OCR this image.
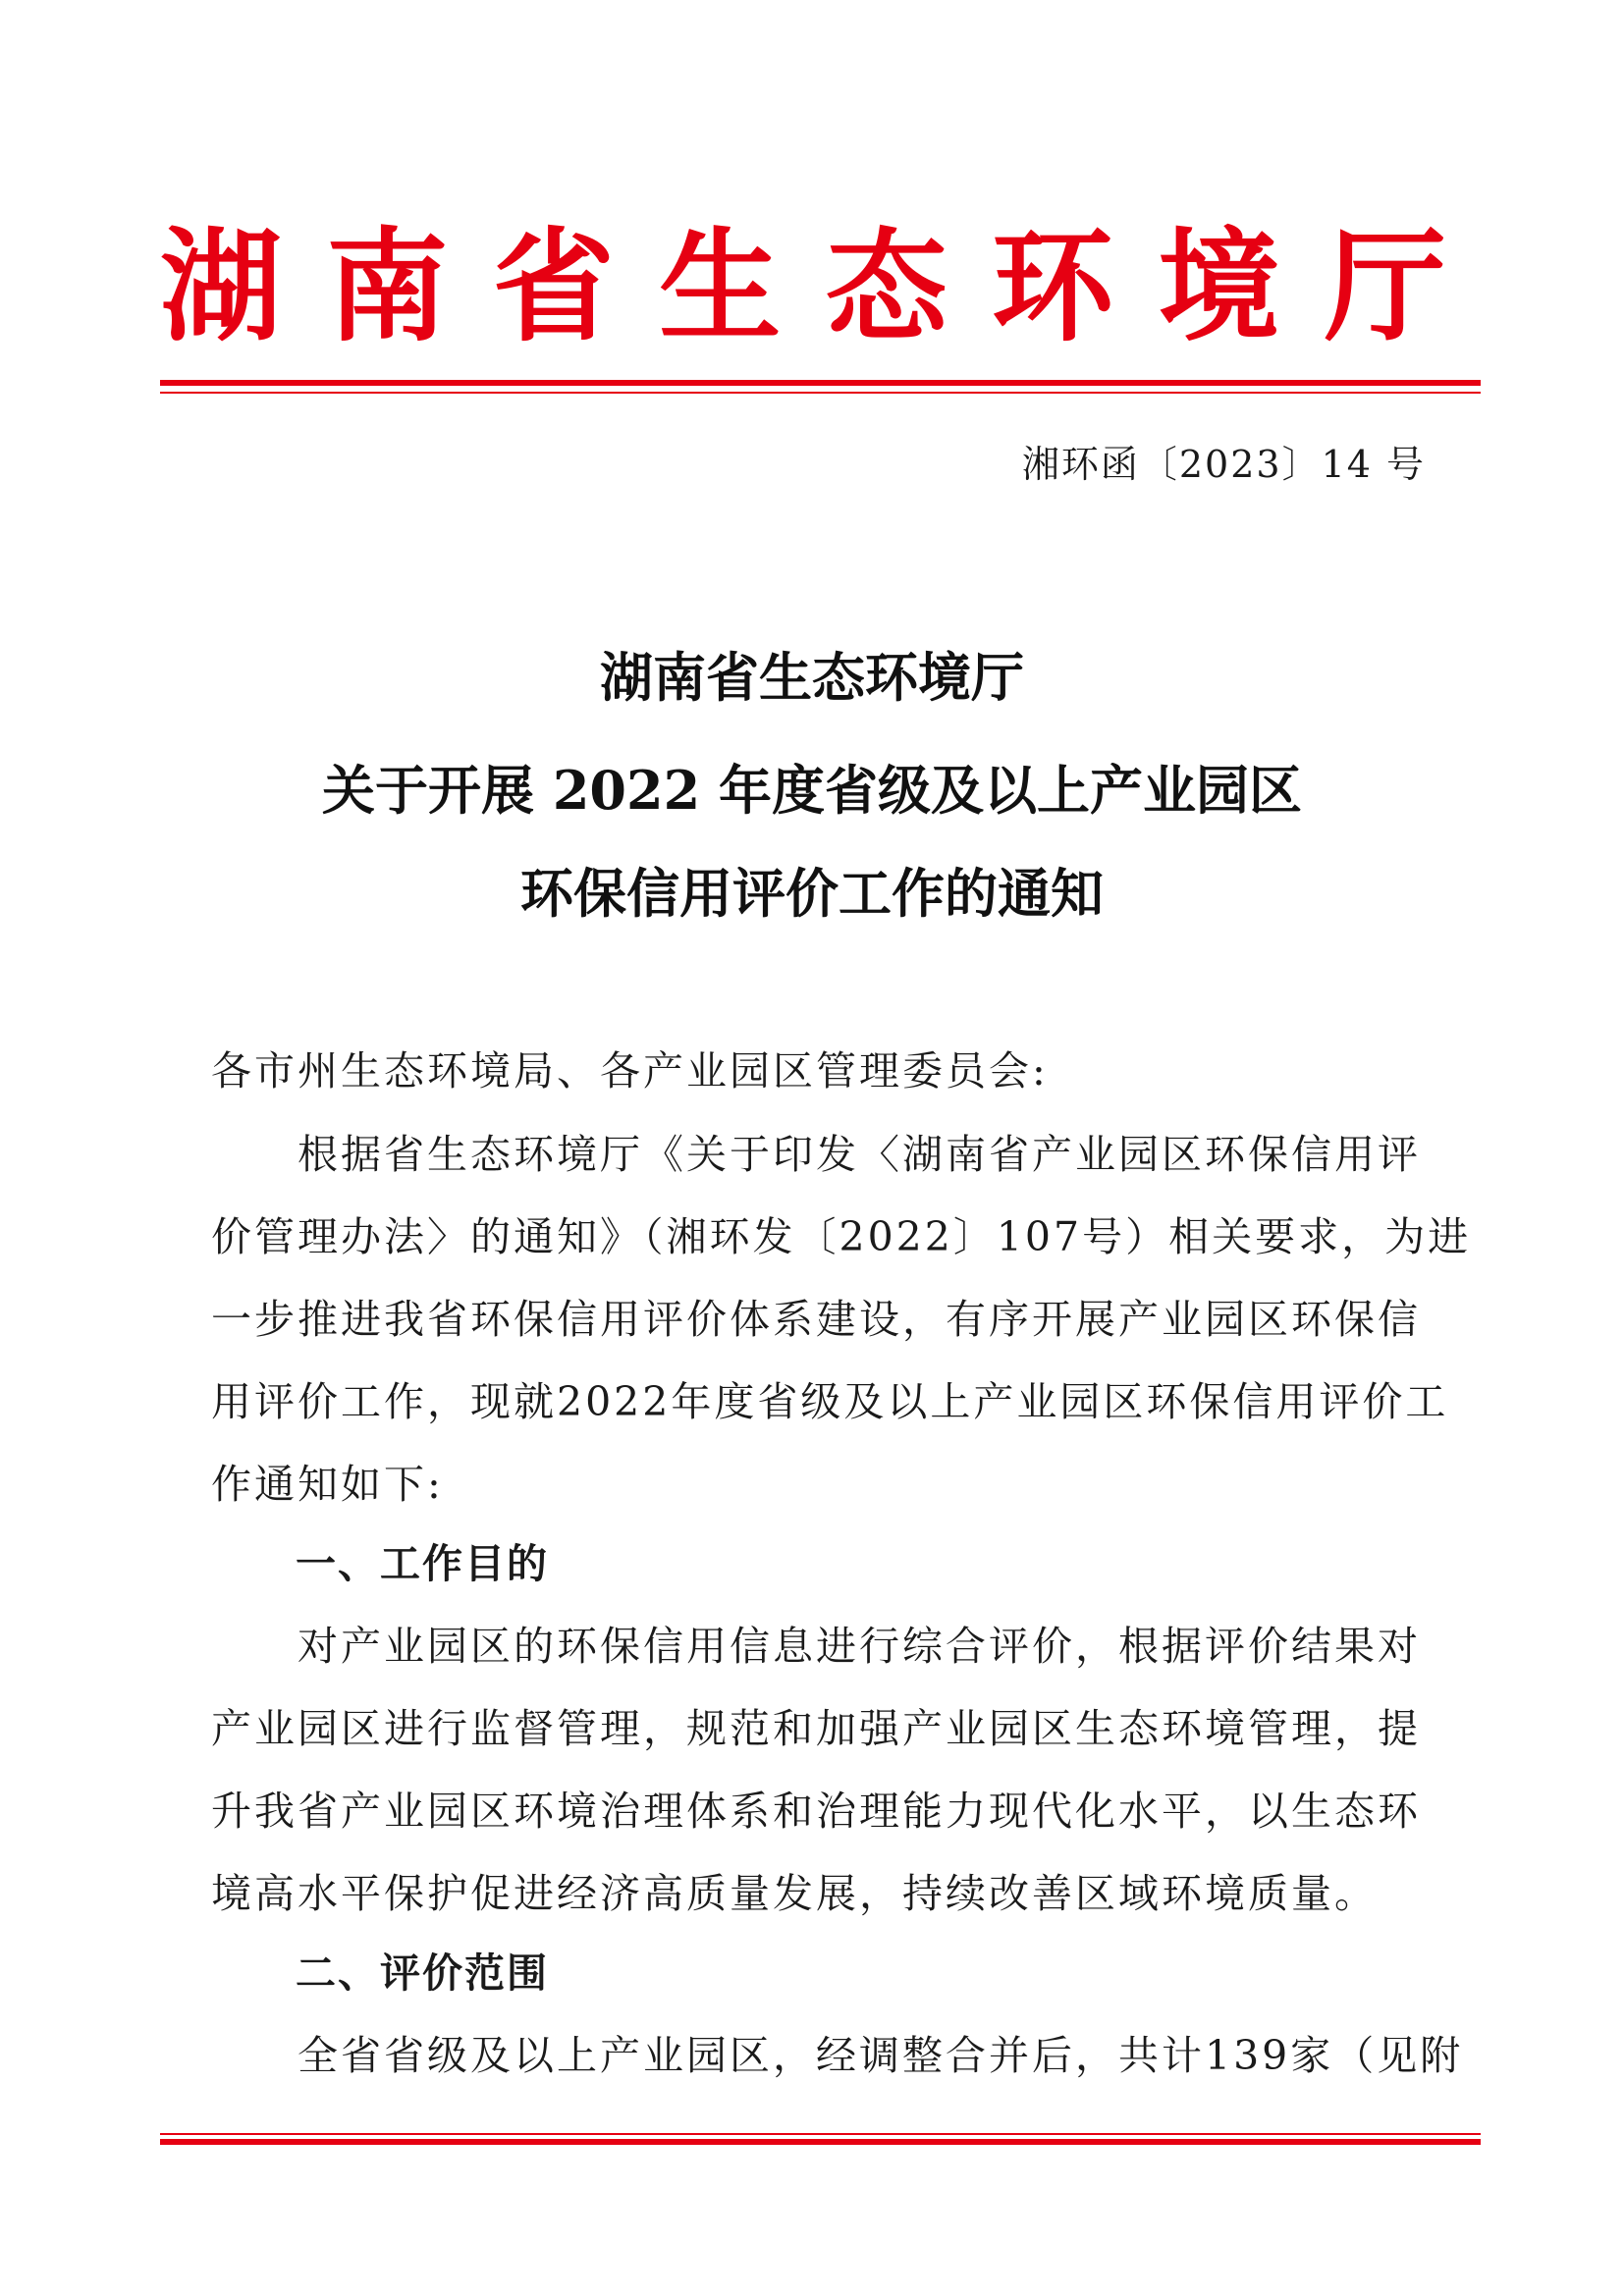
湖 南 省 生 态 环 境 厅
湘环函〔2023〕14 号
湖南省生态环境厅
关于开展 2022 年度省级及以上产业园区
环保信用评价工作的通知
各市州生态环境局、各产业园区管理委员会:
　　根据省生态环境厅《关于印发〈湖南省产业园区环保信用评
价管理办法〉的通知》（湘环发〔2022〕107号）相关要求，为进
一步推进我省环保信用评价体系建设，有序开展产业园区环保信
用评价工作，现就2022年度省级及以上产业园区环保信用评价工
作通知如下:
　　一、工作目的
　　对产业园区的环保信用信息进行综合评价，根据评价结果对
产业园区进行监督管理，规范和加强产业园区生态环境管理，提
升我省产业园区环境治理体系和治理能力现代化水平，以生态环
境高水平保护促进经济高质量发展，持续改善区域环境质量。
　　二、评价范围
　　全省省级及以上产业园区，经调整合并后，共计139家（见附
